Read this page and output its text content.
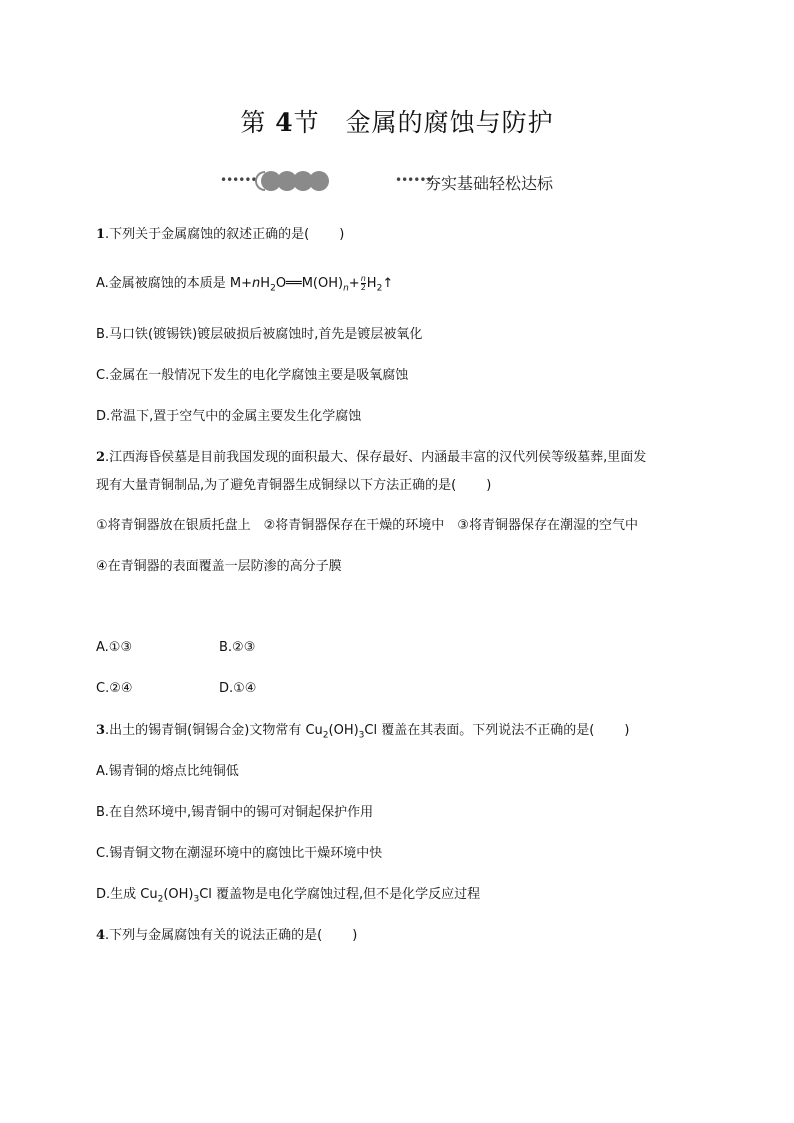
第 4节　金属的腐蚀与防护
••••••	••••••
夯实基础轻松达标
1.下列关于金属腐蚀的叙述正确的是( )
A.金属被腐蚀的本质是 $M+nH_2O══M(OH)_n+ \frac{n}{2}$ $H_2↑$
B.马口铁(镀锡铁)镀层破损后被腐蚀时,首先是镀层被氧化
C.金属在一般情况下发生的电化学腐蚀主要是吸氧腐蚀
D.常温下,置于空气中的金属主要发生化学腐蚀
2.江西海昏侯墓是目前我国发现的面积最大、保存最好、内涵最丰富的汉代列侯等级墓葬,里面发
现有大量青铜制品,为了避免青铜器生成铜绿以下方法正确的是( )
①将青铜器放在银质托盘上　②将青铜器保存在干燥的环境中　③将青铜器保存在潮湿的空气中
④在青铜器的表面覆盖一层防渗的高分子膜
A.①③	B.②③
C.②④	D.①④
3.出土的锡青铜(铜锡合金)文物常有 $Cu_2(OH)_3Cl$ 覆盖在其表面。下列说法不正确的是( )
A.锡青铜的熔点比纯铜低
B.在自然环境中,锡青铜中的锡可对铜起保护作用
C.锡青铜文物在潮湿环境中的腐蚀比干燥环境中快
D.生成 $Cu_2(OH)_3Cl$ 覆盖物是电化学腐蚀过程,但不是化学反应过程
4.下列与金属腐蚀有关的说法正确的是( )
